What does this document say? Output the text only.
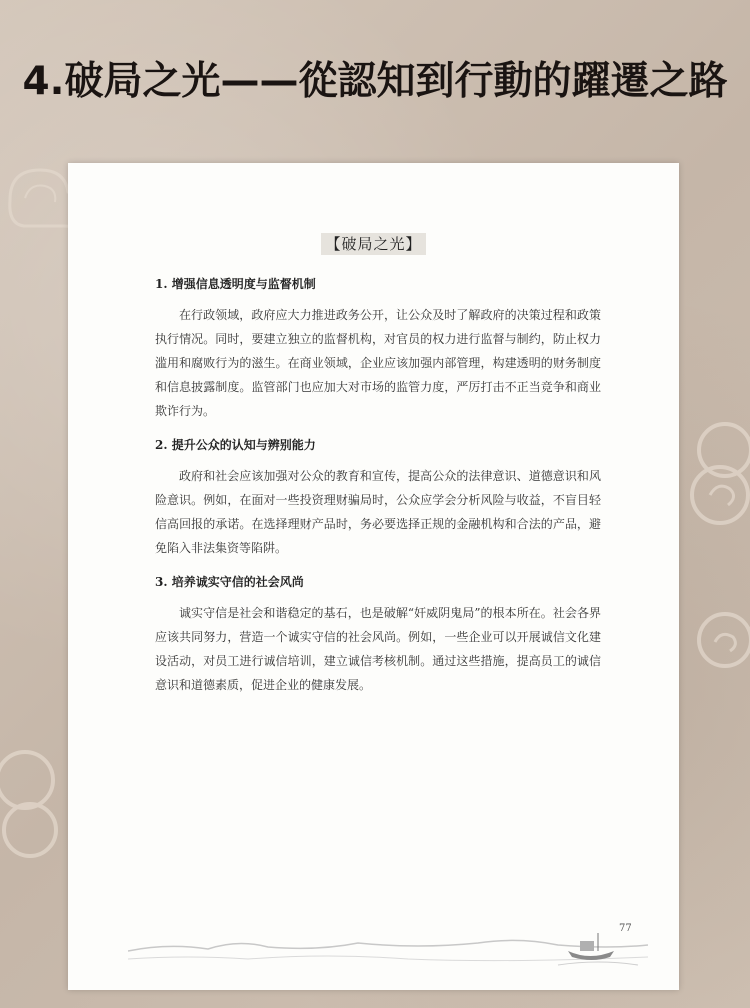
4.破局之光——從認知到行動的躍遷之路
【破局之光】
1. 增强信息透明度与监督机制

在行政领域，政府应大力推进政务公开，让公众及时了解政府的决策过程和政策执行情况。同时，要建立独立的监督机构，对官员的权力进行监督与制约，防止权力滥用和腐败行为的滋生。在商业领域，企业应该加强内部管理，构建透明的财务制度和信息披露制度。监管部门也应加大对市场的监管力度，严厉打击不正当竞争和商业欺诈行为。

2. 提升公众的认知与辨别能力

政府和社会应该加强对公众的教育和宣传，提高公众的法律意识、道德意识和风险意识。例如，在面对一些投资理财骗局时，公众应学会分析风险与收益，不盲目轻信高回报的承诺。在选择理财产品时，务必要选择正规的金融机构和合法的产品，避免陷入非法集资等陷阱。

3. 培养诚实守信的社会风尚

诚实守信是社会和谐稳定的基石，也是破解“奸威阴鬼局”的根本所在。社会各界应该共同努力，营造一个诚实守信的社会风尚。例如，一些企业可以开展诚信文化建设活动，对员工进行诚信培训，建立诚信考核机制。通过这些措施，提高员工的诚信意识和道德素质，促进企业的健康发展。

77
